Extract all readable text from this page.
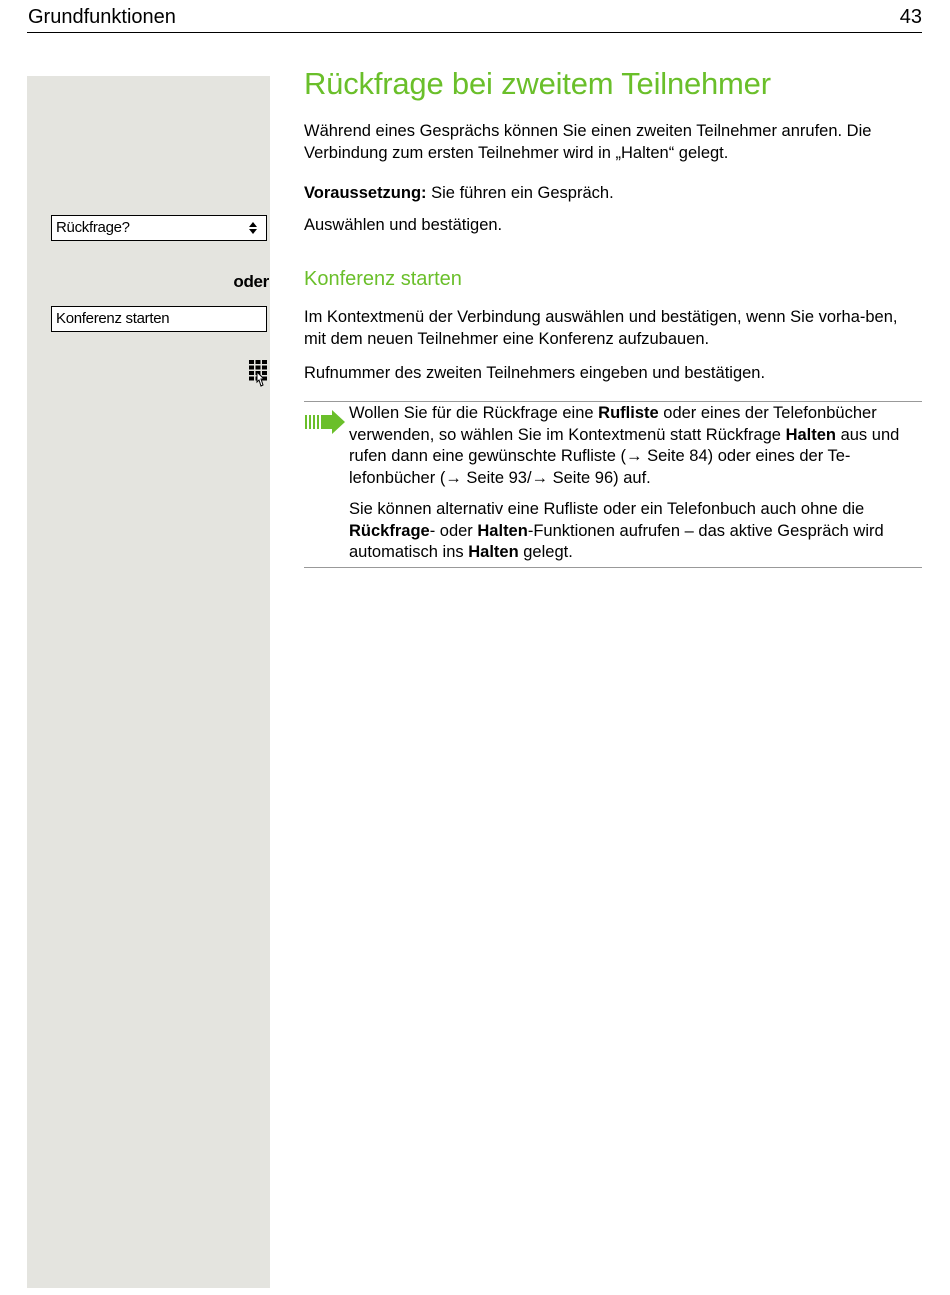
Grundfunktionen	43
Rückfrage?
oder
Konferenz starten
Rückfrage bei zweitem Teilnehmer

Während eines Gesprächs können Sie einen zweiten Teilnehmer anrufen. Die Verbindung zum ersten Teilnehmer wird in „Halten“ gelegt.

Voraussetzung: Sie führen ein Gespräch.

Auswählen und bestätigen.

Konferenz starten

Im Kontextmenü der Verbindung auswählen und bestätigen, wenn Sie vorha-ben, mit dem neuen Teilnehmer eine Konferenz aufzubauen.

Rufnummer des zweiten Teilnehmers eingeben und bestätigen.

Wollen Sie für die Rückfrage eine Rufliste oder eines der Telefonbücher verwenden, so wählen Sie im Kontextmenü statt Rückfrage Halten aus und rufen dann eine gewünschte Rufliste (→ Seite 84) oder eines der Te-lefonbücher (→ Seite 93/→ Seite 96) auf.

Sie können alternativ eine Rufliste oder ein Telefonbuch auch ohne die Rückfrage- oder Halten-Funktionen aufrufen – das aktive Gespräch wird automatisch ins Halten gelegt.
